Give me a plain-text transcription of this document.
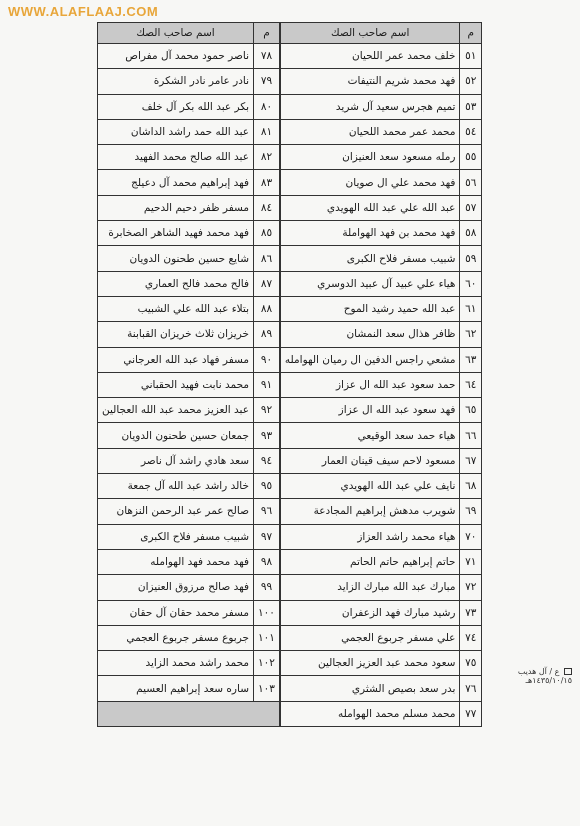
WWW.ALAFLAAJ.COM
م	اسم صاحب الصك
٥١	خلف محمد عمر اللحيان
٥٢	فهد محمد شريم النتيفات
٥٣	تميم هجرس سعيد آل شريد
٥٤	محمد عمر محمد اللحيان
٥٥	رمله مسعود سعد العنيزان
٥٦	فهد محمد علي ال صويان
٥٧	عبد الله علي عبد الله الهويدي
٥٨	فهد محمد بن فهد الهواملة
٥٩	شبيب مسفر فلاح الكبرى
٦٠	هياء علي عبيد آل عبيد الدوسري
٦١	عبد الله حميد رشيد الموح
٦٢	ظافر هذال سعد النمشان
٦٣	مشعي راجس الدفين ال رميان الهوامله
٦٤	حمد سعود عبد الله ال عزاز
٦٥	فهد سعود عبد الله ال عزاز
٦٦	هياء حمد سعد الوقيعي
٦٧	مسعود لاحم سيف قينان العمار
٦٨	نايف علي عبد الله الهويدي
٦٩	شويرب مدهش إبراهيم المجادعة
٧٠	هياء محمد راشد العزاز
٧١	حاتم إبراهيم حاتم الحاتم
٧٢	مبارك عبد الله مبارك الزايد
٧٣	رشيد مبارك فهد الزعفران
٧٤	علي مسفر جربوع العجمي
٧٥	سعود محمد عبد العزيز العجالين
٧٦	بدر سعد بصيص الشثري
٧٧	محمد مسلم محمد الهوامله
م	اسم صاحب الصك
٧٨	ناصر حمود محمد آل مفراص
٧٩	نادر عامر نادر الشكرة
٨٠	بكر عبد الله بكر آل خلف
٨١	عبد الله حمد راشد الداشان
٨٢	عبد الله صالح محمد الفهيد
٨٣	فهد إبراهيم محمد آل دعيلج
٨٤	مسفر ظفر دحيم الدحيم
٨٥	فهد محمد فهيد الشاهر الصخابرة
٨٦	شايع حسين طحنون الدويان
٨٧	فالح محمد فالح العماري
٨٨	بتلاء عبد الله علي الشبيب
٨٩	خريزان ثلاث خريزان القبابنة
٩٠	مسفر فهاد عبد الله العرجاني
٩١	محمد نابت فهيد الحقباني
٩٢	عبد العزيز محمد عبد الله العجالين
٩٣	جمعان حسين طحنون الدويان
٩٤	سعد هادي راشد آل ناصر
٩٥	خالد راشد عبد الله آل جمعة
٩٦	صالح عمر عبد الرحمن النزهان
٩٧	شبيب مسفر فلاح الكبرى
٩٨	فهد محمد فهد الهوامله
٩٩	فهد صالح مرزوق العنيزان
١٠٠	مسفر محمد حقان آل حقان
١٠١	جربوع مسفر جربوع العجمي
١٠٢	محمد راشد محمد الزايد
١٠٣	ساره سعد إبراهيم العسيم

ع / آل هديب ١٤٣٥/١٠/١٥هـ
